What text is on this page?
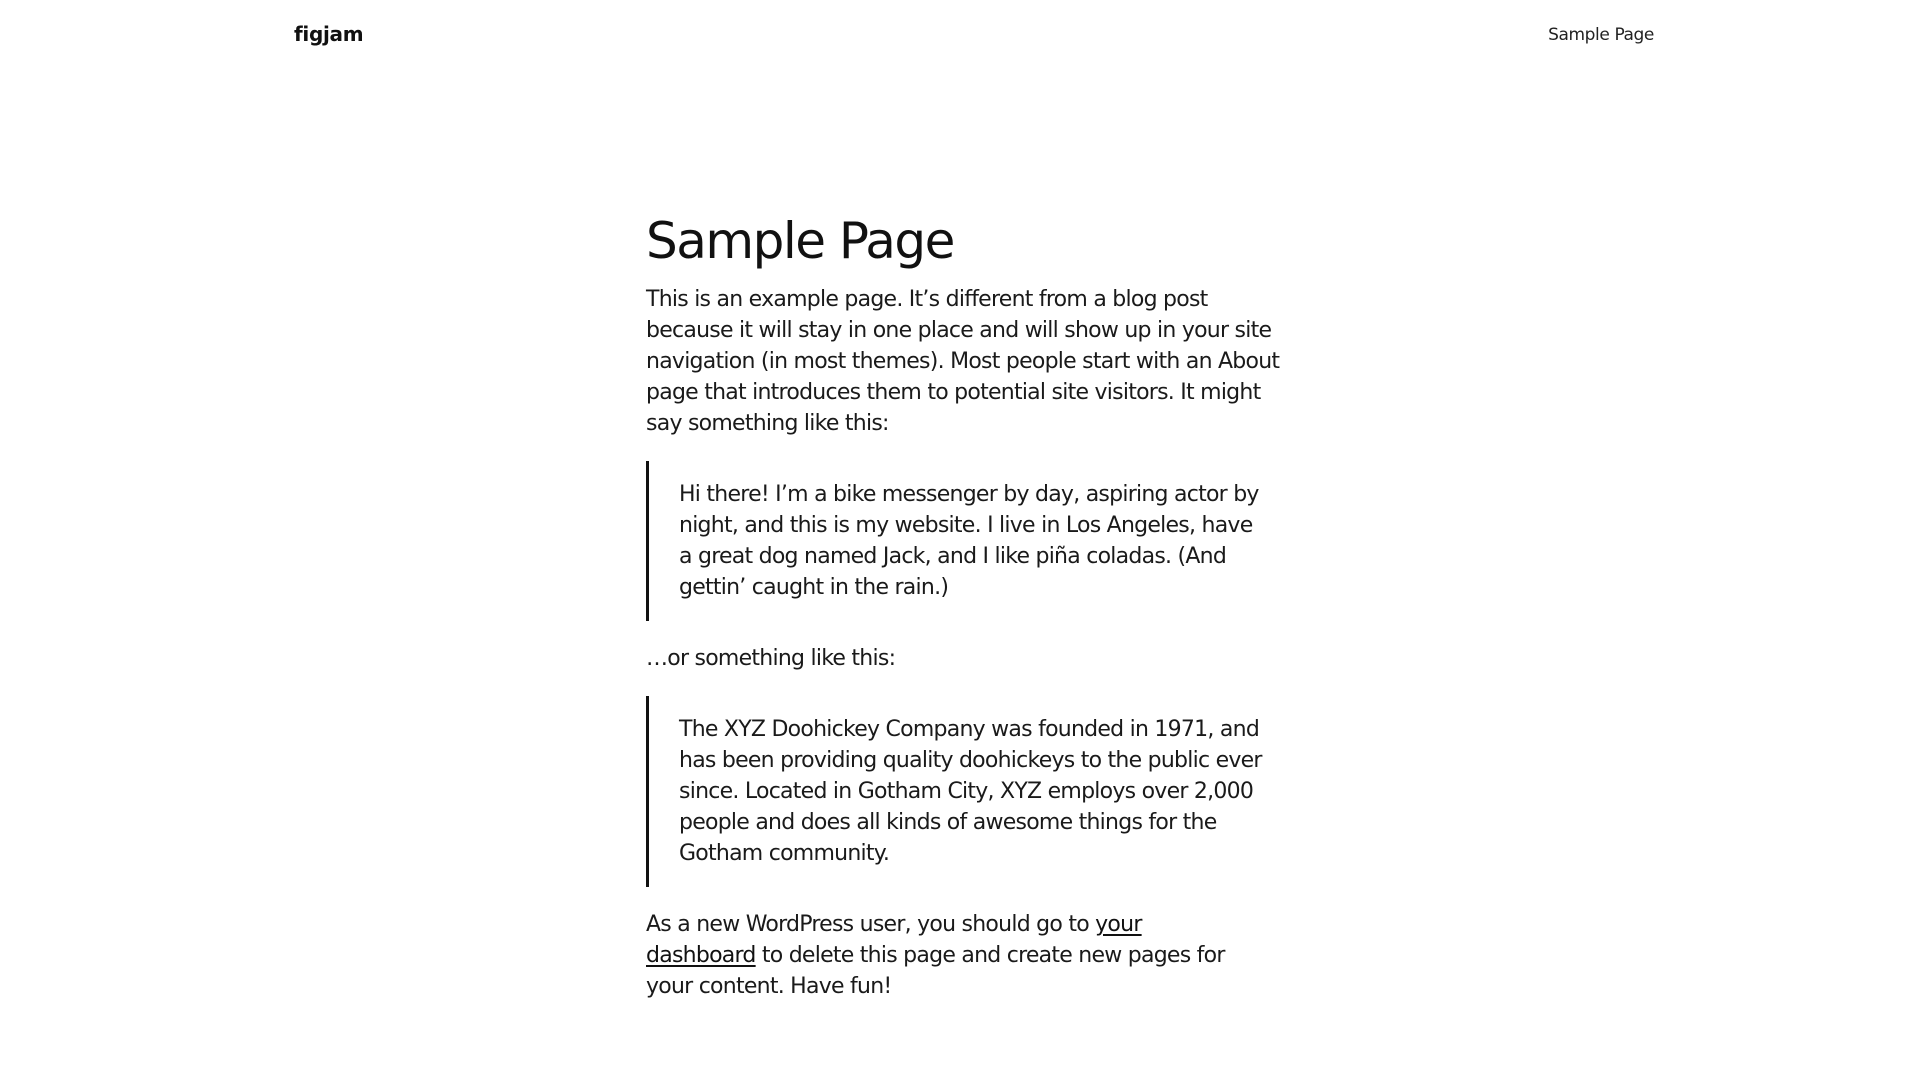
figjam	Sample Page
Sample Page

This is an example page. It’s different from a blog post because it will stay in one place and will show up in your site navigation (in most themes). Most people start with an About page that introduces them to potential site visitors. It might say something like this:

Hi there! I’m a bike messenger by day, aspiring actor by night, and this is my website. I live in Los Angeles, have a great dog named Jack, and I like piña coladas. (And gettin’ caught in the rain.)

…or something like this:

The XYZ Doohickey Company was founded in 1971, and has been providing quality doohickeys to the public ever since. Located in Gotham City, XYZ employs over 2,000 people and does all kinds of awesome things for the Gotham community.

As a new WordPress user, you should go to your dashboard to delete this page and create new pages for your content. Have fun!
